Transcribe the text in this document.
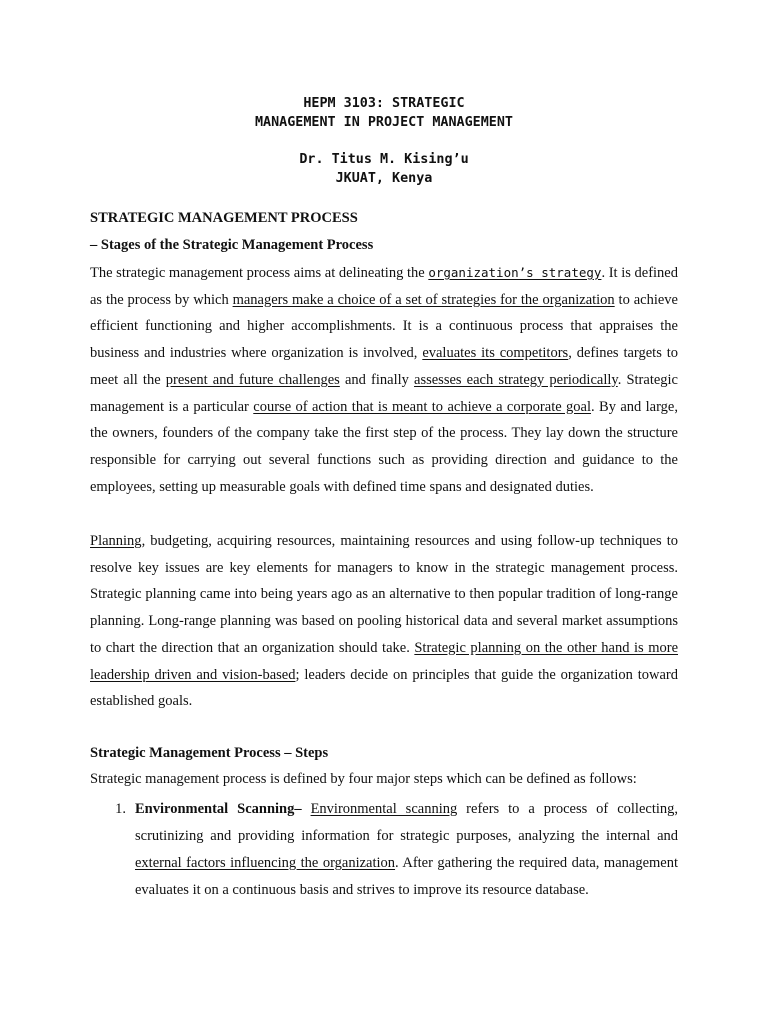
HEPM 3103: STRATEGIC
MANAGEMENT IN PROJECT MANAGEMENT

Dr. Titus M. Kising’u
JKUAT, Kenya

STRATEGIC MANAGEMENT PROCESS

– Stages of the Strategic Management Process

The strategic management process aims at delineating the organization’s strategy. It is defined as the process by which managers make a choice of a set of strategies for the organization to achieve efficient functioning and higher accomplishments. It is a continuous process that appraises the business and industries where organization is involved, evaluates its competitors, defines targets to meet all the present and future challenges and finally assesses each strategy periodically. Strategic management is a particular course of action that is meant to achieve a corporate goal. By and large, the owners, founders of the company take the first step of the process. They lay down the structure responsible for carrying out several functions such as providing direction and guidance to the employees, setting up measurable goals with defined time spans and designated duties.

Planning, budgeting, acquiring resources, maintaining resources and using follow-up techniques to resolve key issues are key elements for managers to know in the strategic management process. Strategic planning came into being years ago as an alternative to then popular tradition of long-range planning. Long-range planning was based on pooling historical data and several market assumptions to chart the direction that an organization should take. Strategic planning on the other hand is more leadership driven and vision-based; leaders decide on principles that guide the organization toward established goals.

Strategic Management Process – Steps

Strategic management process is defined by four major steps which can be defined as follows:

1. Environmental Scanning– Environmental scanning refers to a process of collecting, scrutinizing and providing information for strategic purposes, analyzing the internal and external factors influencing the organization. After gathering the required data, management evaluates it on a continuous basis and strives to improve its resource database.
